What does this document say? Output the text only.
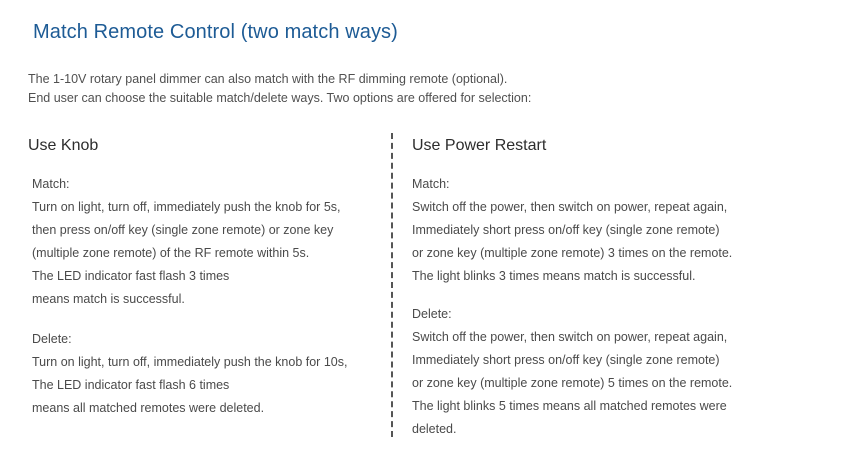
Match Remote Control (two match ways)
The 1-10V rotary panel dimmer can also match with the RF dimming remote (optional).
End user can choose the suitable match/delete ways. Two options are offered for selection:
Use Knob	Use Power Restart
Match:
Turn on light, turn off, immediately push the knob for 5s,
then press on/off key (single zone remote) or zone key
(multiple zone remote) of the RF remote within 5s.
The LED indicator fast flash 3 times
means match is successful.
Delete:
Turn on light, turn off, immediately push the knob for 10s,
The LED indicator fast flash 6 times
means all matched remotes were deleted.
Match:
Switch off the power, then switch on power, repeat again,
Immediately short press on/off key (single zone remote)
or zone key (multiple zone remote) 3 times on the remote.
The light blinks 3 times means match is successful.
Delete:
Switch off the power, then switch on power, repeat again,
Immediately short press on/off key (single zone remote)
or zone key (multiple zone remote) 5 times on the remote.
The light blinks 5 times means all matched remotes were
deleted.
